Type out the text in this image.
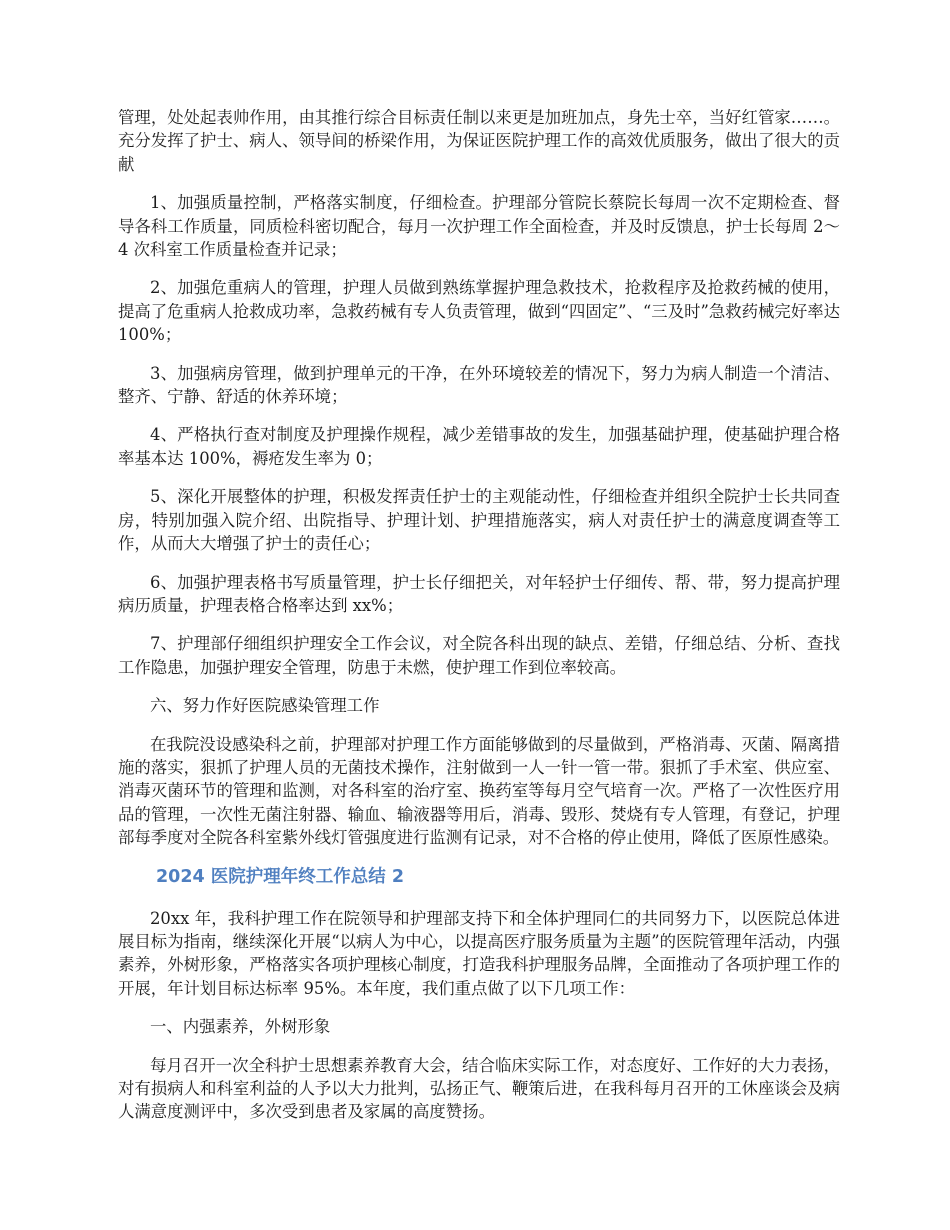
管理，处处起表帅作用，由其推行综合目标责任制以来更是加班加点，身先士卒，当好红管家……。充分发挥了护士、病人、领导间的桥梁作用，为保证医院护理工作的高效优质服务，做出了很大的贡献

1、加强质量控制，严格落实制度，仔细检查。护理部分管院长蔡院长每周一次不定期检查、督导各科工作质量，同质检科密切配合，每月一次护理工作全面检查，并及时反馈息，护士长每周 2～4 次科室工作质量检查并记录；

2、加强危重病人的管理，护理人员做到熟练掌握护理急救技术，抢救程序及抢救药械的使用，提高了危重病人抢救成功率，急救药械有专人负责管理，做到“四固定”、“三及时”急救药械完好率达 100%；

3、加强病房管理，做到护理单元的干净，在外环境较差的情况下，努力为病人制造一个清洁、整齐、宁静、舒适的休养环境；

4、严格执行查对制度及护理操作规程，减少差错事故的发生，加强基础护理，使基础护理合格率基本达 100%，褥疮发生率为 0；

5、深化开展整体的护理，积极发挥责任护士的主观能动性，仔细检查并组织全院护士长共同查房，特别加强入院介绍、出院指导、护理计划、护理措施落实，病人对责任护士的满意度调查等工作，从而大大增强了护士的责任心；

6、加强护理表格书写质量管理，护士长仔细把关，对年轻护士仔细传、帮、带，努力提高护理病历质量，护理表格合格率达到 xx%；

7、护理部仔细组织护理安全工作会议，对全院各科出现的缺点、差错，仔细总结、分析、查找工作隐患，加强护理安全管理，防患于未燃，使护理工作到位率较高。

六、努力作好医院感染管理工作

在我院没设感染科之前，护理部对护理工作方面能够做到的尽量做到，严格消毒、灭菌、隔离措施的落实，狠抓了护理人员的无菌技术操作，注射做到一人一针一管一带。狠抓了手术室、供应室、消毒灭菌环节的管理和监测，对各科室的治疗室、换药室等每月空气培育一次。严格了一次性医疗用品的管理，一次性无菌注射器、输血、输液器等用后，消毒、毁形、焚烧有专人管理，有登记，护理部每季度对全院各科室紫外线灯管强度进行监测有记录，对不合格的停止使用，降低了医原性感染。

2024 医院护理年终工作总结 2

20xx 年，我科护理工作在院领导和护理部支持下和全体护理同仁的共同努力下，以医院总体进展目标为指南，继续深化开展“以病人为中心，以提高医疗服务质量为主题”的医院管理年活动，内强素养，外树形象，严格落实各项护理核心制度，打造我科护理服务品牌，全面推动了各项护理工作的开展，年计划目标达标率 95%。本年度，我们重点做了以下几项工作：

一、内强素养，外树形象

每月召开一次全科护士思想素养教育大会，结合临床实际工作，对态度好、工作好的大力表扬，对有损病人和科室利益的人予以大力批判，弘扬正气、鞭策后进，在我科每月召开的工休座谈会及病人满意度测评中，多次受到患者及家属的高度赞扬。
